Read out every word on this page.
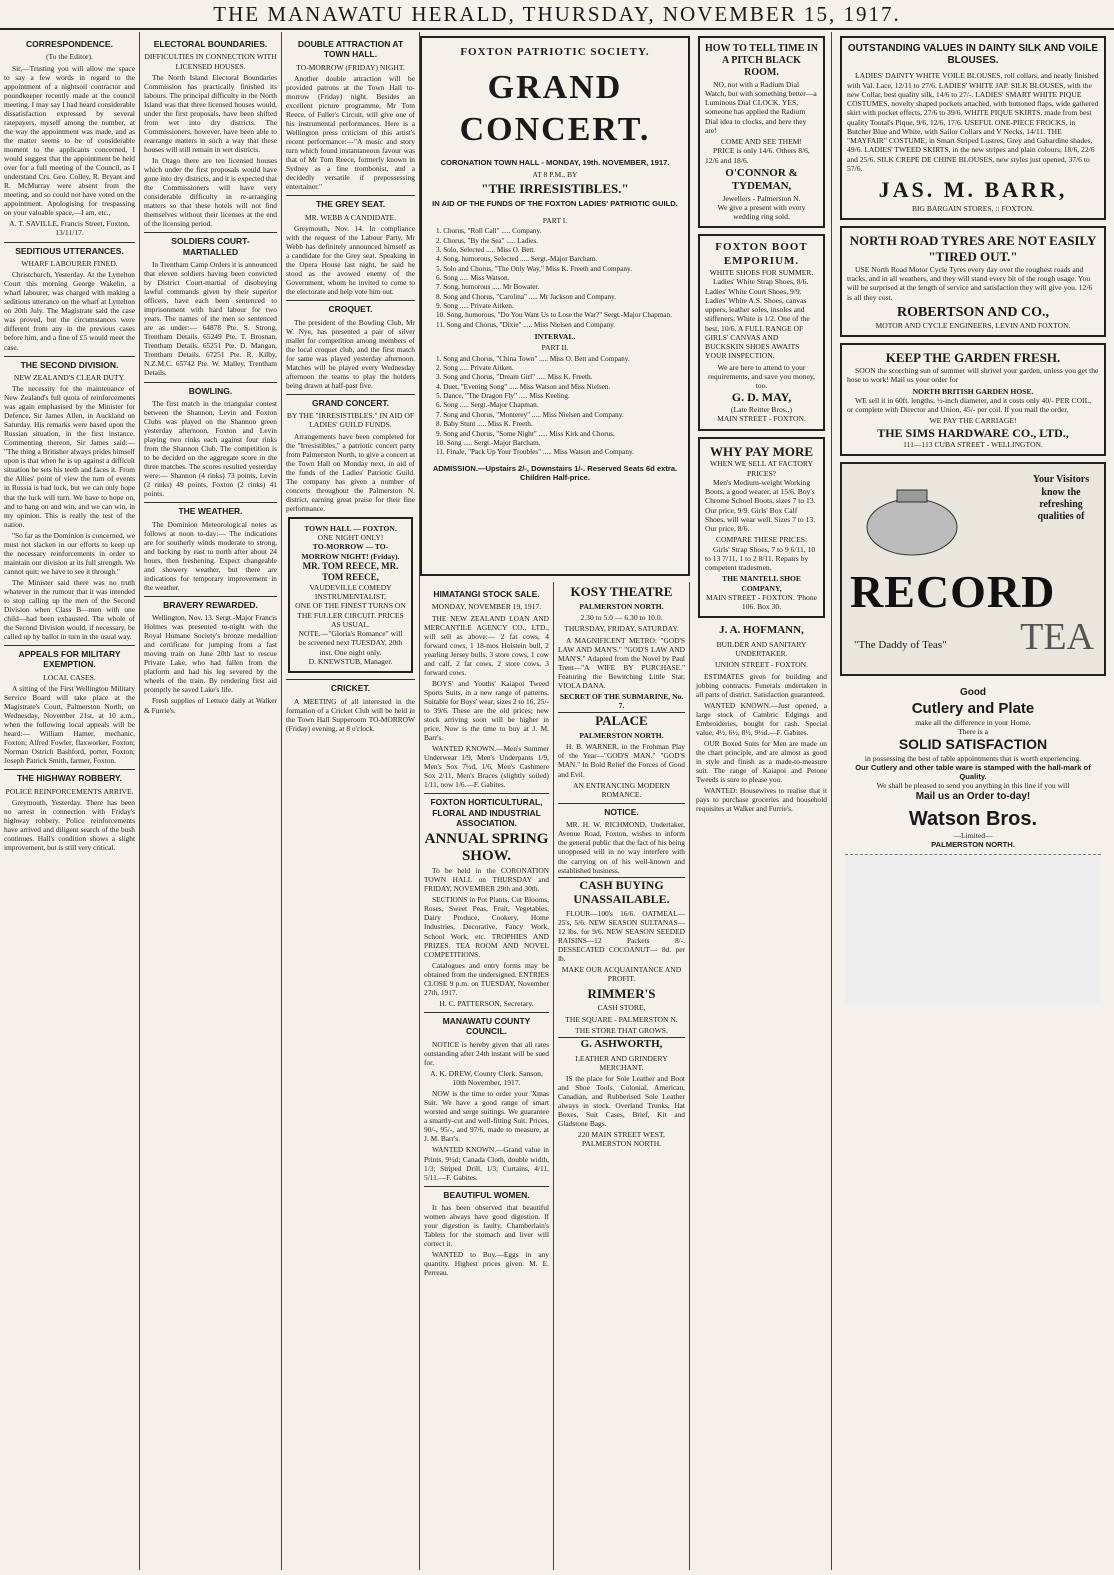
THE MANAWATU HERALD, THURSDAY, NOVEMBER 15, 1917.
CORRESPONDENCE.
(To the Editor).

Sir,—Trusting you will allow me space to say a few words in regard to the appointment of a nightsoil contractor and poundkeeper recently made at the council meeting. I may say I had heard considerable dissatisfaction expressed by several ratepayers, myself among the number, at the way the appointment was made, and as the matter seems to be of considerable moment to the applicants concerned, I would suggest that the appointment be held over for a full meeting of the Council, as I understand Crs. Geo. Colley, R. Bryant and R. McMurray were absent from the meeting, and so could not have voted on the appointment. Apologising for trespassing on your valuable space,—I am, etc.,

A. T. SAVILLE, Francis Street, Foxton, 13/11/17.
SEDITIOUS UTTERANCES.
WHARF LABOURER FINED.

Christchurch, Yesterday. At the Lyttelton Court this morning George Wakelin, a wharf labourer, was charged with making a seditious utterance on the wharf at Lyttelton on 20th July. The Magistrate said the case was proved, but the circumstances were different from any in the previous cases before him, and a fine of £5 would meet the case.

THE SECOND DIVISION.
NEW ZEALAND'S CLEAR DUTY.

The necessity for the maintenance of New Zealand's full quota of reinforcements was again emphasised by the Minister for Defence, Sir James Allen, in Auckland on Saturday. His remarks were based upon the Russian situation, in the first instance. Commenting thereon, Sir James said:— "The thing a Britisher always prides himself upon is that when he is up against a difficult situation he sets his teeth and faces it. From the Allies' point of view the turn of events in Russia is bad luck, but we can only hope that the luck will turn. We have to hope on, and to hang on and win, and we can win, in my opinion. This is really the test of the nation.

"So far as the Dominion is concerned, we must not slacken in our efforts to keep up the necessary reinforcements in order to maintain our division at its full strength. We cannot quit; we have to see it through."

The Minister said there was no truth whatever in the rumour that it was intended to stop calling up the men of the Second Division when Class B—men with one child—had been exhausted. The whole of the Second Division would, if necessary, be called up by ballot in turn in the usual way.

APPEALS FOR MILITARY EXEMPTION.
LOCAL CASES.

A sitting of the First Wellington Military Service Board will take place at the Magistrate's Court, Palmerston North, on Wednesday, November 21st, at 10 a.m., when the following local appeals will be heard:— William Hamer, mechanic, Foxton; Alfred Fowler, flaxworker, Foxton; Norman Ostrich Bashford, porter, Foxton; Joseph Patrick Smith, farmer, Foxton.

THE HIGHWAY ROBBERY.
POLICE REINFORCEMENTS ARRIVE.

Greymouth, Yesterday. There has been no arrest in connection with Friday's highway robbery. Police reinforcements have arrived and diligent search of the bush continues. Hall's condition shows a slight improvement, but is still very critical.

ELECTORAL BOUNDARIES.
DIFFICULTIES IN CONNECTION WITH LICENSED HOUSES.

The North Island Electoral Boundaries Commission has practically finished its labours. The principal difficulty in the North Island was that three licensed houses would, under the first proposals, have been shifted from wet into dry districts. The Commissioners, however, have been able to rearrange matters in such a way that these houses will still remain in wet districts.

In Otago there are ten licensed houses which under the first proposals would have gone into dry districts, and it is expected that the Commissioners will have very considerable difficulty in re-arranging matters so that these hotels will not find themselves without their licenses at the end of the licensing period.

SOLDIERS COURT-MARTIALLED

In Trentham Camp Orders it is announced that eleven soldiers having been convicted by District Court-martial of disobeying lawful commands given by their superior officers, have each been sentenced to imprisonment with hard labour for two years. The names of the men so sentenced are as under:— 64878 Pte. S. Strong, Trentham Details. 65249 Pte. T. Brosnan, Trentham Details. 65251 Pte. D. Mangan, Trentham Details. 67251 Pte. R. Kilby, N.Z.M.C. 65742 Pte. W. Malley, Trentham Details.

BOWLING.

The first match in the triangular contest between the Shannon, Levin and Foxton Clubs was played on the Shannon green yesterday afternoon, Foxton and Levin playing two rinks each against four rinks from the Shannon Club. The competition is to be decided on the aggregate score in the three matches. The scores resulted yesterday were:— Shannon (4 rinks) 73 points, Levin (2 rinks) 49 points, Foxton (2 rinks) 41 points.

THE WEATHER.

The Dominion Meteorological notes as follows at noon to-day:— The indications are for southerly winds moderate to strong, and backing by east to north after about 24 hours, then freshening. Expect changeable and showery weather, but there are indications for temporary improvement in the weather.

BRAVERY REWARDED.

Wellington, Nov. 13. Sergt.-Major Francis Holmes was presented to-night with the Royal Humane Society's bronze medallion and certificate for jumping from a fast moving train on June 20th last to rescue Private Lake, who had fallen from the platform and had his leg severed by the wheels of the train. By rendering first aid promptly he saved Lake's life.

Fresh supplies of Lettuce daily at Walker & Furrie's.

DOUBLE ATTRACTION AT TOWN HALL.
TO-MORROW (FRIDAY) NIGHT.

Another double attraction will be provided patrons at the Town Hall to-morrow (Friday) night. Besides an excellent picture programme, Mr Tom Reece, of Fuller's Circuit, will give one of his instrumental performances. Here is a Wellington press criticism of this artist's recent performance:—"A music and story turn which found instantaneous favour was that of Mr Tom Reece, formerly known in Sydney as a fine trombonist, and a decidedly versatile if prepossessing entertainer."

THE GREY SEAT.
MR. WEBB A CANDIDATE.

Greymouth, Nov. 14. In compliance with the request of the Labour Party, Mr Webb has definitely announced himself as a candidate for the Grey seat. Speaking in the Opera House last night, he said he stood as the avowed enemy of the Government, whom he invited to come to the electorate and help vote him out.

CROQUET.

The president of the Bowling Club, Mr W. Nye, has presented a pair of silver mallet for competition among members of the local croquet club, and the first match for same was played yesterday afternoon. Matches will be played every Wednesday afternoon the teams to play the holders being drawn at half-past five.

GRAND CONCERT.
BY THE "IRRESISTIBLES." IN AID OF LADIES' GUILD FUNDS.

Arrangements have been completed for the "Irresistibles," a patriotic concert party from Palmerston North, to give a concert at the Town Hall on Monday next, in aid of the funds of the Ladies' Patriotic Guild. The company has given a number of concerts throughout the Palmerston N. district, earning great praise for their fine performance.

TOWN HALL — FOXTON.
ONE NIGHT ONLY!
TO-MORROW — TO-MORROW NIGHT! (Friday).
MR. TOM REECE, MR. TOM REECE,
VAUDEVILLE COMEDY INSTRUMENTALIST,
ONE OF THE FINEST TURNS ON THE FULLER CIRCUIT. PRICES AS USUAL.
NOTE.—"Gloria's Romance" will be screened next TUESDAY, 20th inst. One night only.
D. KNEWSTUB, Manager.
CRICKET.

A MEETING of all interested in the formation of a Cricket Club will be held in the Town Hall Supperoom TO-MORROW (Friday) evening, at 8 o'clock.

FOXTON PATRIOTIC SOCIETY.
GRAND CONCERT.
CORONATION TOWN HALL - MONDAY, 19th. NOVEMBER, 1917.
AT 8 P.M., BY
"THE IRRESISTIBLES."
IN AID OF THE FUNDS OF THE FOXTON LADIES' PATRIOTIC GUILD.
PART I.
1. Chorus, "Roll Call" ..... Company.
2. Chorus, "By the Sea" ..... Ladies.
3. Solo, Selected ..... Miss O. Bett.
4. Song, humorous, Selected ..... Sergt.-Major Barcham.
5. Solo and Chorus, "The Only Way," Miss K. Freeth and Company.
6. Song ..... Miss Watson.
7. Song, humorous ..... Mr Bowater.
8. Song and Chorus, "Carolina" ..... Mr Jackson and Company.
9. Song ..... Private Aitken.
10. Song, humorous, "Do You Want Us to Lose the War?" Sergt.-Major Chapman.
11. Song and Chorus, "Dixie" ..... Miss Nielsen and Company.
INTERVAL.
PART II.
1. Song and Chorus, "China Town" ..... Miss O. Bett and Company.
2. Song ..... Private Aitken.
3. Song and Chorus, "Dream Girl" ..... Miss K. Freeth.
4. Duet, "Evening Song" ..... Miss Watson and Miss Nielsen.
5. Dance, "The Dragon Fly" ..... Miss Keeling.
6. Song ..... Sergt.-Major Chapman.
7. Song and Chorus, "Monterey" ..... Miss Nielsen and Company.
8. Baby Stunt ..... Miss K. Freeth.
9. Song and Chorus, "Some Night" ..... Miss Kirk and Chorus.
10. Song ..... Sergt.-Major Barcham.
11. Finale, "Pack Up Your Troubles" ..... Miss Watson and Company.
ADMISSION.—Upstairs 2/-, Downstairs 1/-. Reserved Seats 6d extra. Children Half-price.
HIMATANGI STOCK SALE.
MONDAY, NOVEMBER 19, 1917.

THE NEW ZEALAND LOAN AND MERCANTILE AGENCY CO., LTD., will sell as above:— 2 fat cows, 4 forward cows, 1 18-mos Holstein bull, 2 yearling Jersey bulls, 3 store cows, 1 cow and calf, 2 fat cows, 2 store cows, 3 forward cows.

BOYS' and Youths' Kaiapoi Tweed Sports Suits, in a new range of patterns. Suitable for Boys' wear, sizes 2 to 16, 25/- to 39/6. These are the old prices; new stock arriving soon will be higher in price. Now is the time to buy at J. M. Barr's.

WANTED KNOWN.—Men's Summer Underwear 1/9, Men's Underpants 1/9, Men's Sox 7½d, 1/6, Men's Cashmere Sox 2/11, Men's Braces (slightly soiled) 1/11, now 1/6.—F. Gabites.

FOXTON HORTICULTURAL, FLORAL AND INDUSTRIAL ASSOCIATION.
ANNUAL SPRING SHOW.

To be held in the CORONATION TOWN HALL on THURSDAY and FRIDAY, NOVEMBER 29th and 30th.

SECTIONS in Pot Plants, Cut Blooms, Roses, Sweet Peas, Fruit, Vegetables, Dairy Produce, Cookery, Home Industries, Decorative, Fancy Work, School Work, etc. TROPHIES AND PRIZES. TEA ROOM AND NOVEL COMPETITIONS.

Catalogues and entry forms may be obtained from the undersigned. ENTRIES CLOSE 9 p.m. on TUESDAY, November 27th, 1917.

H. C. PATTERSON, Secretary.
MANAWATU COUNTY COUNCIL.

NOTICE is hereby given that all rates outstanding after 24th instant will be sued for.

A. K. DREW, County Clerk. Sanson, 10th November, 1917.

NOW is the time to order your 'Xmas Suit. We have a good range of smart worsted and serge suitings. We guarantee a smartly-cut and well-fitting Suit. Prices, 90/-, 95/-, and 97/6, made to measure, at J. M. Barr's.

WANTED KNOWN.—Grand value in Prints, 9½d; Canada Cloth, double width, 1/3; Striped Drill, 1/3; Curtains, 4/11, 5/11.—F. Gabites.

BEAUTIFUL WOMEN.

It has been observed that beautiful women always have good digestion. If your digestion is faulty, Chamberlain's Tablets for the stomach and liver will correct it.

WANTED to Buy.—Eggs in any quantity. Highest prices given. M. E. Perreau.

KOSY THEATRE
PALMERSTON NORTH.
2.30 to 5.0 — 6.30 to 10.0.
THURSDAY, FRIDAY, SATURDAY.

A MAGNIFICENT METRO: "GOD'S LAW AND MAN'S." "GOD'S LAW AND MAN'S." Adapted from the Novel by Paul Trent—"A WIFE BY PURCHASE." Featuring the Bewitching Little Star, VIOLA DANA.

SECRET OF THE SUBMARINE, No. 7.
PALACE
PALMERSTON NORTH.

H. B. WARNER, in the Frohman Play of the Year—"GOD'S MAN." "GOD'S MAN." In Bold Relief the Forces of Good and Evil.

AN ENTRANCING MODERN ROMANCE.
NOTICE.

MR. H. W. RICHMOND, Undertaker, Avenue Road, Foxton, wishes to inform the general public that the fact of his being unopposed will in no way interfere with the carrying on of his well-known and established business.

CASH BUYING UNASSAILABLE.

FLOUR—100's 16/6. OATMEAL—25's, 5/6. NEW SEASON SULTANAS—12 lbs. for 9/6. NEW SEASON SEEDED RAISINS—12 Packets 8/-. DESSECATED COCOANUT— 8d. per lb.

MAKE OUR ACQUAINTANCE AND PROFIT.
RIMMER'S
CASH STORE,
THE SQUARE - PALMERSTON N.
THE STORE THAT GROWS.
G. ASHWORTH,
LEATHER AND GRINDERY MERCHANT.

IS the place for Sole Leather and Boot and Shoe Tools. Colonial, American, Canadian, and Rubberised Sole Leather always in stock. Overland Trunks, Hat Boxes, Suit Cases, Brief, Kit and Gladstone Bags.

220 MAIN STREET WEST, PALMERSTON NORTH.
HOW TO TELL TIME IN A PITCH BLACK ROOM.

NO, not with a Radium Dial Watch, but with something better—a Luminous Dial CLOCK. YES, someone has applied the Radium Dial idea to clocks, and here they are!

COME AND SEE THEM!

PRICE is only 14/6. Others 8/6, 12/6 and 18/6.

O'CONNOR & TYDEMAN,
Jewellers - Palmerston N.
We give a present with every wedding ring sold.
FOXTON BOOT EMPORIUM.
WHITE SHOES FOR SUMMER.

Ladies' White Strap Shoes, 8/6. Ladies' White Court Shoes, 9/9. Ladies' White A.S. Shoes, canvas uppers, leather soles, insoles and stiffeners. White is 1/2. One of the best, 10/6. A FULL RANGE OF GIRLS' CANVAS AND BUCKSKIN SHOES AWAITS YOUR INSPECTION.

We are here to attend to your requirements, and save you money, too.
G. D. MAY,
(Late Reitter Bros.,)
MAIN STREET - FOXTON.
WHY PAY MORE
WHEN WE SELL AT FACTORY PRICES?

Men's Medium-weight Working Boots, a good wearer, at 15/6. Boy's Chrome School Boots, sizes 7 to 13. Our price, 9/9. Girls' Box Calf Shoes, will wear well. Sizes 7 to 13. Our price, 8/6.

COMPARE THESE PRICES:

Girls' Strap Shoes, 7 to 9 6/11, 10 to 13 7/11, 1 to 2 8/11. Repairs by competent tradesmen.

THE MANTELL SHOE COMPANY,
MAIN STREET - FOXTON. 'Phone 106. Box 30.
J. A. HOFMANN,
BUILDER AND SANITARY UNDERTAKER.
UNION STREET - FOXTON.

ESTIMATES given for building and jobbing contracts. Funerals undertaken in all parts of district. Satisfaction guaranteed.

WANTED KNOWN.—Just opened, a large stock of Cambric Edgings and Embroideries, bought for cash. Special value, 4½, 6½, 8½, 9½d.—F. Gabites.

OUR Boxed Suits for Men are made on the chart principle, and are almost as good in style and finish as a made-to-measure suit. The range of Kaiapoi and Petone Tweeds is sure to please you.

WANTED: Housewives to realise that it pays to purchase groceries and household requisites at Walker and Furrie's.

OUTSTANDING VALUES IN DAINTY SILK AND VOILE BLOUSES.

LADIES' DAINTY WHITE VOILE BLOUSES, roll collars, and neatly finished with Val. Lace, 12/11 to 27/6. LADIES' WHITE JAP. SILK BLOUSES, with the new Collar, best quality silk, 14/6 to 27/-. LADIES' SMART WHITE PIQUE COSTUMES, novelty shaped pockets attached, with buttoned flaps, wide gathered skirt with pocket effects, 27/6 to 39/6. WHITE PIQUE SKIRTS, made from best quality Tootal's Pique, 9/6, 12/6, 17/6. USEFUL ONE-PIECE FROCKS, in Butcher Blue and White, with Sailor Collars and V Necks, 14/11. THE "MAYFAIR" COSTUME, in Smart Striped Lustres, Grey and Gabardine shades, 49/6. LADIES' TWEED SKIRTS, in the new stripes and plain colours, 18/6, 22/6 and 25/6. SILK CREPE DE CHINE BLOUSES, new styles just opened, 37/6 to 57/6.

JAS. M. BARR,
BIG BARGAIN STORES, :: FOXTON.
NORTH ROAD TYRES ARE NOT EASILY "TIRED OUT."

USE North Road Motor Cycle Tyres every day over the roughest roads and tracks, and in all weathers, and they will stand every bit of the rough usage. You will be surprised at the length of service and satisfaction they will give you. 12/6 is all they cost.

ROBERTSON AND CO.,
MOTOR AND CYCLE ENGINEERS, LEVIN AND FOXTON.
KEEP THE GARDEN FRESH.

SOON the scorching sun of summer will shrivel your garden, unless you get the hose to work! Mail us your order for

NORTH BRITISH GARDEN HOSE.

WE sell it in 60ft. lengths, ½-inch diameter, and it costs only 40/- PER COIL, or complete with Director and Union, 45/- per coil. If you mail the order,

WE PAY THE CARRIAGE!
THE SIMS HARDWARE CO., LTD.,
111—113 CUBA STREET - WELLINGTON.
Your Visitors know the refreshing qualities of
RECORD
TEA
"The Daddy of Teas"
Good
Cutlery and Plate
make all the difference in your Home.
There is a
SOLID SATISFACTION
in possessing the best of table appointments that is worth experiencing.
Our Cutlery and other table ware is stamped with the hall-mark of Quality.
We shall be pleased to send you anything in this line if you will
Mail us an Order to-day!
Watson Bros.
—Limited—
PALMERSTON NORTH.
